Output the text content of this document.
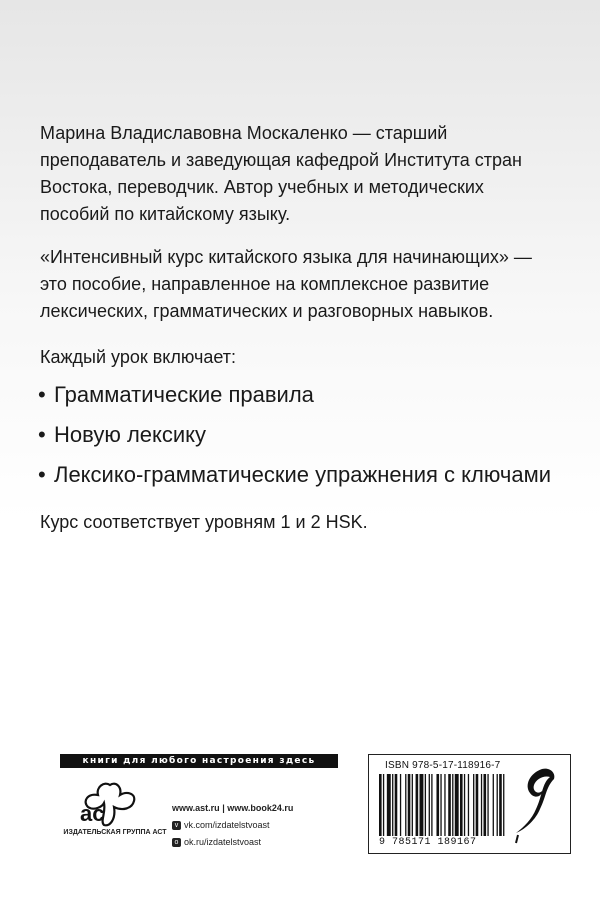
Марина Владиславовна Москаленко — старший
преподаватель и заведующая кафедрой Института стран
Востока, переводчик. Автор учебных и методических
пособий по китайскому языку.
«Интенсивный курс китайского языка для начинающих» —
это пособие, направленное на комплексное развитие
лексических, грамматических и разговорных навыков.
Каждый урок включает:
• Грамматические правила
• Новую лексику
• Лексико-грамматические упражнения с ключами
Курс соответствует уровням 1 и 2 HSK.
книги для любого настроения здесь
ас
ИЗДАТЕЛЬСКАЯ ГРУППА АСТ
www.ast.ru | www.book24.ru
v vk.com/izdatelstvoast
o ok.ru/izdatelstvoast
ISBN 978-5-17-118916-7
9 785171 189167
